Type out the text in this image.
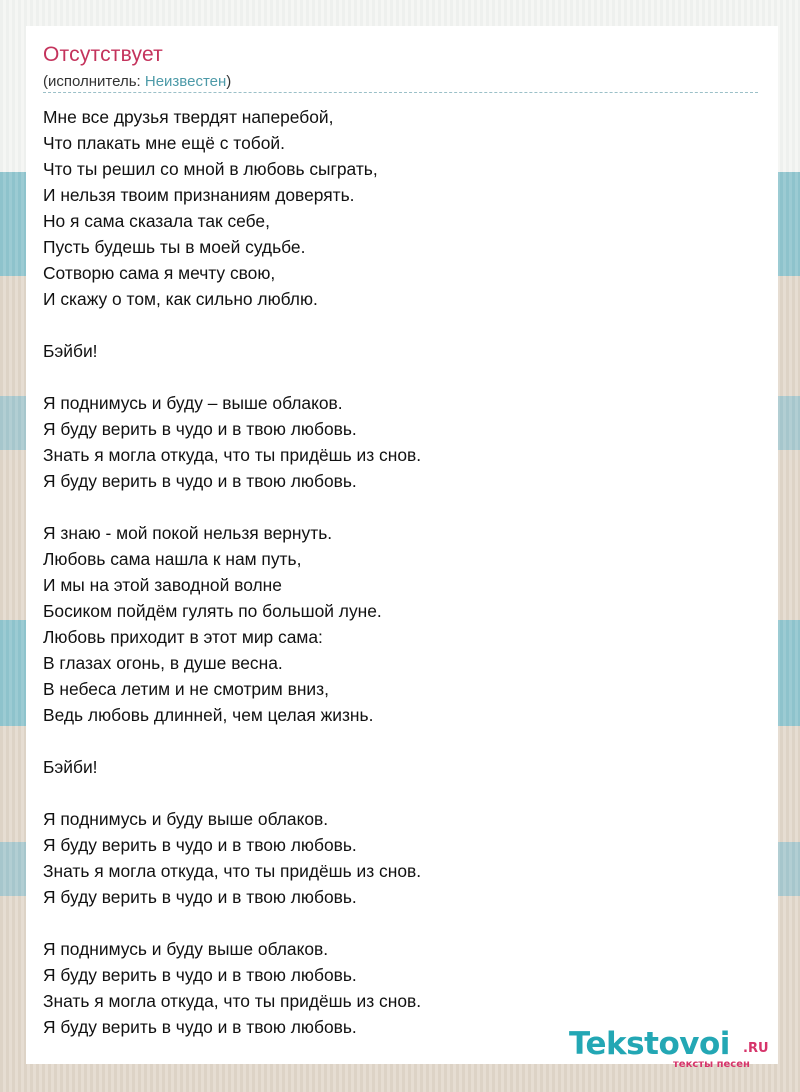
Отсутствует
(исполнитель: Неизвестен)
Мне все друзья твердят наперебой,
Что плакать мне ещё с тобой.
Что ты решил со мной в любовь сыграть,
И нельзя твоим признаниям доверять.
Но я сама сказала так себе,
Пусть будешь ты в моей судьбе.
Сотворю сама я мечту свою,
И скажу о том, как сильно люблю.
Бэйби!
Я поднимусь и буду – выше облаков.
Я буду верить в чудо и в твою любовь.
Знать я могла откуда, что ты придёшь из снов.
Я буду верить в чудо и в твою любовь.
Я знаю - мой покой нельзя вернуть.
Любовь сама нашла к нам путь,
И мы на этой заводной волне
Босиком пойдём гулять по большой луне.
Любовь приходит в этот мир сама:
В глазах огонь, в душе весна.
В небеса летим и не смотрим вниз,
Ведь любовь длинней, чем целая жизнь.
Бэйби!
Я поднимусь и буду выше облаков.
Я буду верить в чудо и в твою любовь.
Знать я могла откуда, что ты придёшь из снов.
Я буду верить в чудо и в твою любовь.
Я поднимусь и буду выше облаков.
Я буду верить в чудо и в твою любовь.
Знать я могла откуда, что ты придёшь из снов.
Я буду верить в чудо и в твою любовь.	Tekstovoi .RU
тексты песен
